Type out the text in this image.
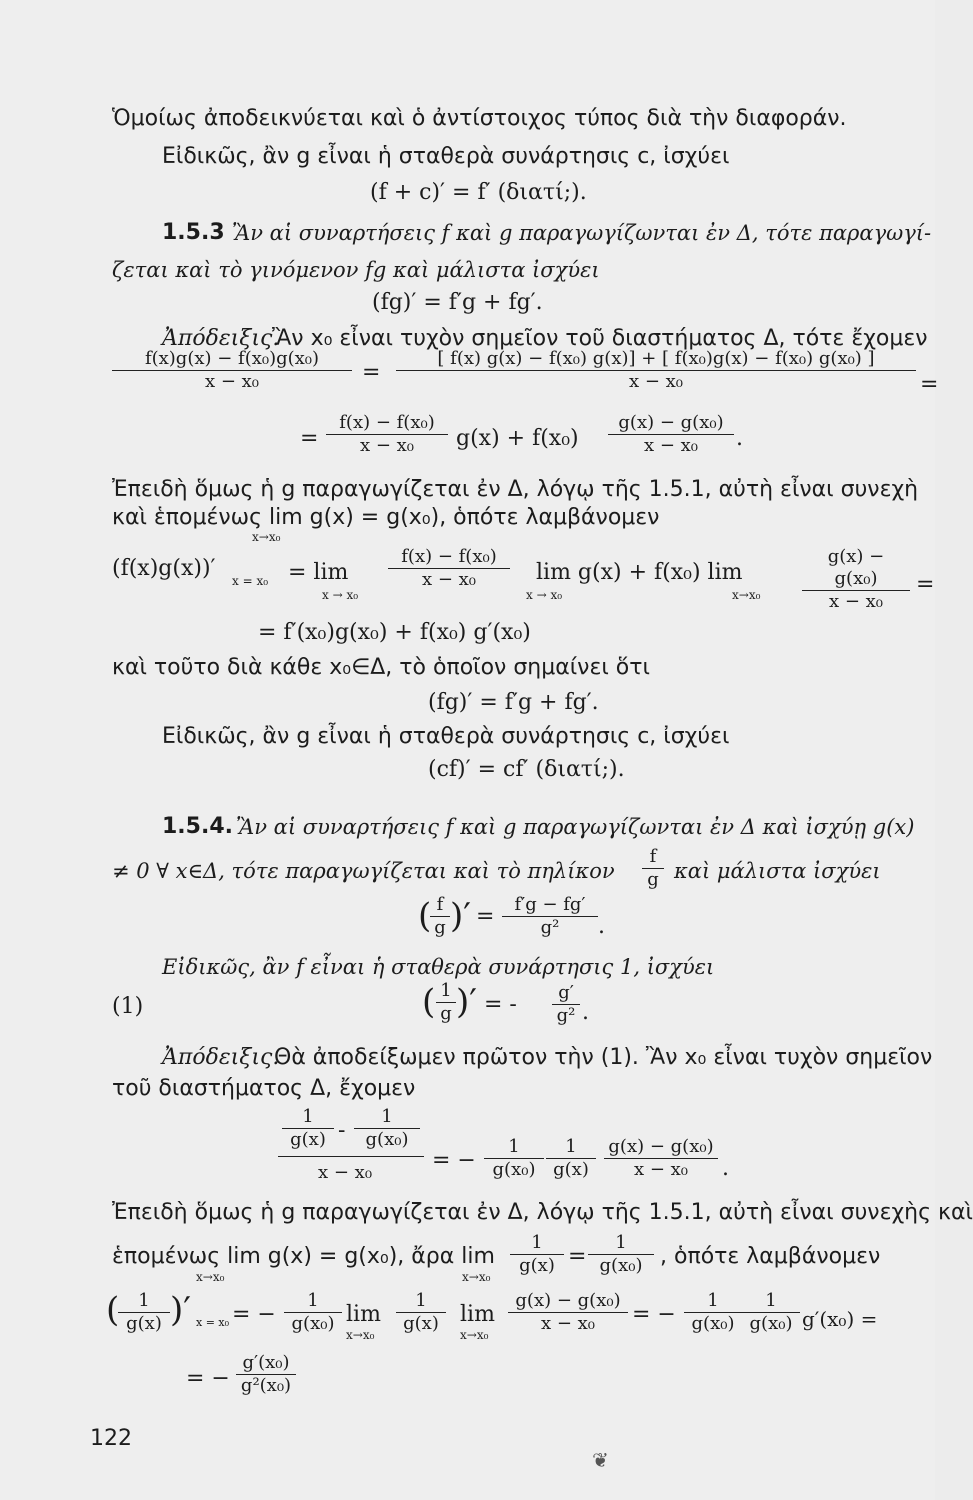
Ὁμοίως ἀποδεικνύεται καὶ ὁ ἀντίστοιχος τύπος διὰ τὴν διαφοράν.
Εἰδικῶς, ἂν g εἶναι ἡ σταθερὰ συνάρτησις c, ἰσχύει
(f + c)′ = f′ (διατί;).
1.5.3 Ἂν αἱ συναρτήσεις f καὶ g παραγωγίζωνται ἐν Δ, τότε παραγωγί-
ζεται καὶ τὸ γινόμενον fg καὶ μάλιστα ἰσχύει
(fg)′ = f′g + fg′.
Ἀπόδειξις.
Ἂν x₀ εἶναι τυχὸν σημεῖον τοῦ διαστήματος Δ, τότε ἔχομεν
$\frac{\text{f(x)g(x) − f(x₀)g(x₀)}}{\text{x − x₀}} = \frac{\text{[ f(x) g(x) − f(x₀) g(x)] + [ f(x₀)g(x) − f(x₀) g(x₀) ]}}{\text{x − x₀}}$ =
= $\frac{\text{f(x) − f(x₀)}}{\text{x − x₀}} g(x) + f(x_0) \frac{\text{g(x) − g(x₀)}}{\text{x − x₀}}$ .
Ἐπειδὴ ὅμως ἡ g παραγωγίζεται ἐν Δ, λόγῳ τῆς 1.5.1, αὐτὴ εἶναι συνεχὴ
καὶ ἑπομένως lim g(x) = g(x₀), ὁπότε λαμβάνομεν
x→x₀
(f(x)g(x))′ x = x₀ = lim
x → x₀
$\frac{\text{f(x) − f(x₀)}}{\text{x − x₀}}$ lim g(x) + f(x₀) lim
x → x₀	$x\to x_0 \frac{\text{g(x) − g(x₀)}}{\text{x − x₀}}$ =
= f′(x₀)g(x₀) + f(x₀) g′(x₀)
καὶ τοῦτο διὰ κάθε x₀∈Δ, τὸ ὁποῖον σημαίνει ὅτι
(fg)′ = f′g + fg′.
Εἰδικῶς, ἂν g εἶναι ἡ σταθερὰ συνάρτησις c, ἰσχύει
(cf)′ = cf′ (διατί;).
1.5.4. Ἂν αἱ συναρτήσεις f καὶ g παραγωγίζωνται ἐν Δ καὶ ἰσχύῃ g(x)
≠ 0 ∀ x∈Δ, τότε παραγωγίζεται καὶ τὸ πηλίκον $\frac{f}{g}$ καὶ μάλιστα ἰσχύει
(
$\frac{f}{g}$ )′ = $\frac{f'g - fg'}{\text{g²}}$ .
Εἰδικῶς, ἂν f εἶναι ἡ σταθερὰ συνάρτησις 1, ἰσχύει
(1)	( $\frac{1}{g}$ )′ = - $\frac{g'}{\text{g²}}$ .
Ἀπόδειξις.
Θὰ ἀποδείξωμεν πρῶτον τὴν (1). Ἂν x₀ εἶναι τυχὸν σημεῖον
τοῦ διαστήματος Δ, ἔχομεν
$\frac{1}{g(x)} - \frac{1}{\text{g(x₀)}}$
x − x₀	= − $\frac{1}{\text{g(x₀)}} \frac{1}{g(x)} \frac{\text{g(x) − g(x₀)}}{\text{x − x₀}}$ .
Ἐπειδὴ ὅμως ἡ g παραγωγίζεται ἐν Δ, λόγῳ τῆς 1.5.1, αὐτὴ εἶναι συνεχὴς καὶ
ἑπομένως lim g(x) = g(x₀), ἄρα lim
x→x₀	$x\to x_0 \frac{1}{g(x)} = \frac{1}{\text{g(x₀)}}$ , ὁπότε λαμβάνομεν
(
$\frac{1}{g(x)}$ )′ x = x₀ = − $\frac{1}{\text{g(x₀)}}$ lim
$x\to x_0 \frac{1}{g(x)}$ lim
$x\to x_0 \frac{\text{g(x) − g(x₀)}}{\text{x − x₀}}$ = − $\frac{1}{\text{g(x₀)}} \frac{1}{\text{g(x₀)}} g'(x_0)$ =
= − $\frac{\text{g′(x₀)}}{\text{g²(x₀)}}$
122
❦
